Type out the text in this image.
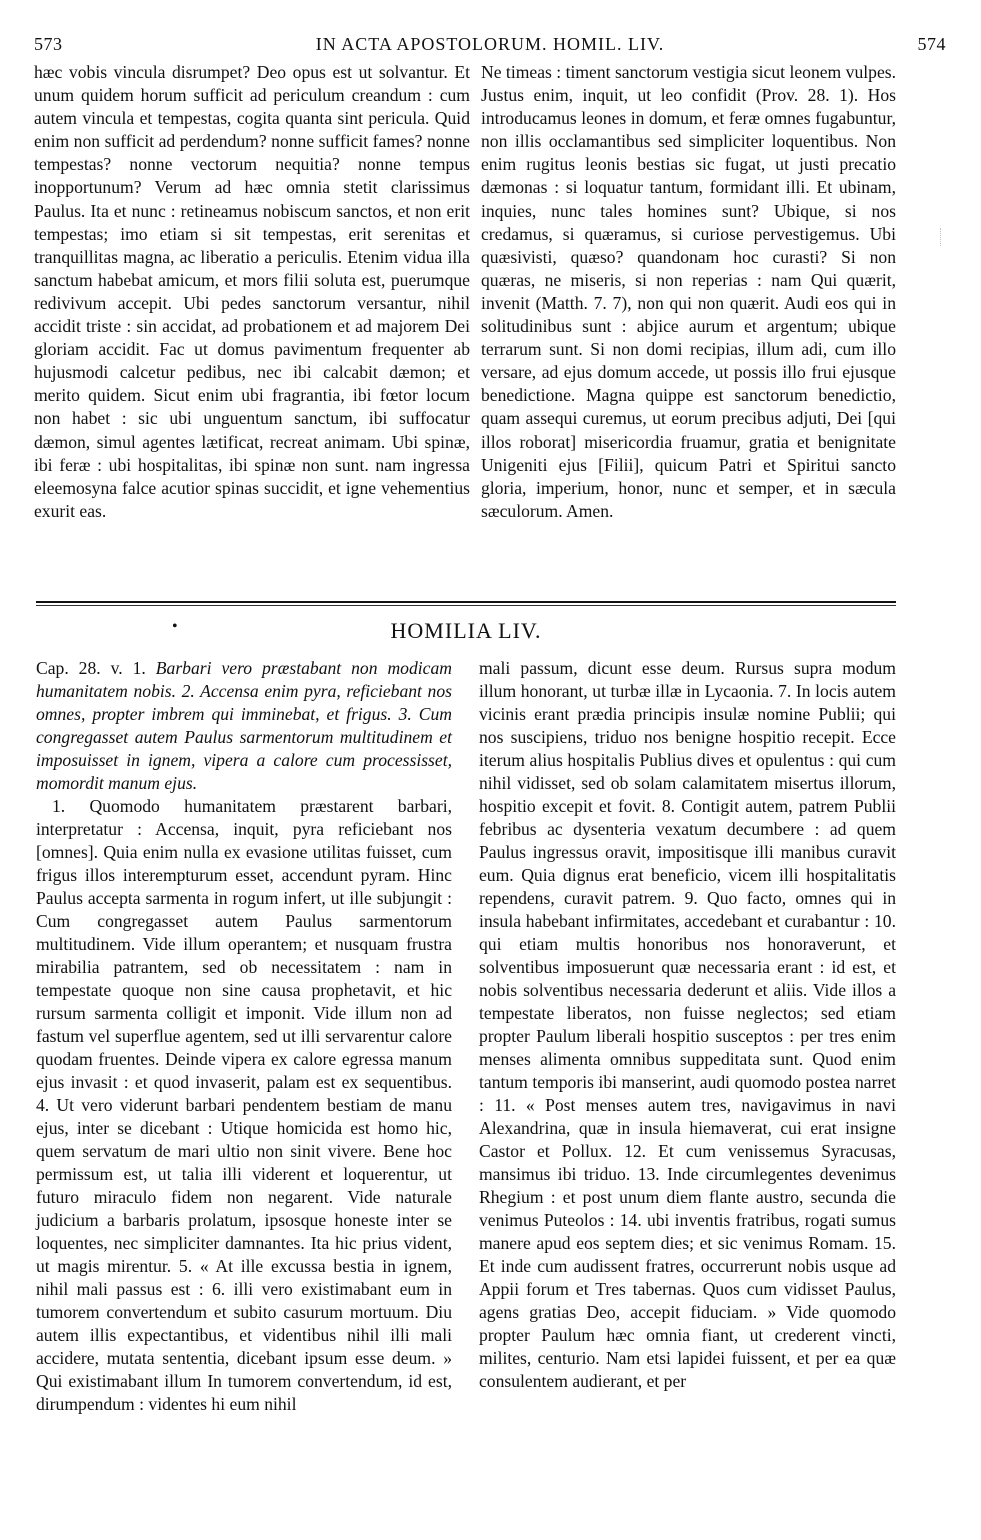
573	IN ACTA APOSTOLORUM. HOMIL. LIV.	574

hæc vobis vincula disrumpet? Deo opus est ut solvantur. Et unum quidem horum sufficit ad periculum creandum : cum autem vincula et tempestas, cogita quanta sint pericula. Quid enim non sufficit ad perdendum? nonne sufficit fames? nonne tempestas? nonne vectorum nequitia? nonne tempus inopportunum? Verum ad hæc omnia stetit clarissimus Paulus. Ita et nunc : retineamus nobiscum sanctos, et non erit tempestas; imo etiam si sit tempestas, erit serenitas et tranquillitas magna, ac liberatio a periculis. Etenim vidua illa sanctum habebat amicum, et mors filii soluta est, puerumque redivivum accepit. Ubi pedes sanctorum versantur, nihil accidit triste : sin accidat, ad probationem et ad majorem Dei gloriam accidit. Fac ut domus pavimentum frequenter ab hujusmodi calcetur pedibus, nec ibi calcabit dæmon; et merito quidem. Sicut enim ubi fragrantia, ibi fœtor locum non habet : sic ubi unguentum sanctum, ibi suffocatur dæmon, simul agentes lætificat, recreat animam. Ubi spinæ, ibi feræ : ubi hospitalitas, ibi spinæ non sunt. nam ingressa eleemosyna falce acutior spinas succidit, et igne vehementius exurit eas.

Ne timeas : timent sanctorum vestigia sicut leonem vulpes. Justus enim, inquit, ut leo confidit (Prov. 28. 1). Hos introducamus leones in domum, et feræ omnes fugabuntur, non illis occlamantibus sed simpliciter loquentibus. Non enim rugitus leonis bestias sic fugat, ut justi precatio dæmonas : si loquatur tantum, formidant illi. Et ubinam, inquies, nunc tales homines sunt? Ubique, si nos credamus, si quæramus, si curiose pervestigemus. Ubi quæsivisti, quæso? quandonam hoc curasti? Si non quæras, ne miseris, si non reperias : nam Qui quærit, invenit (Matth. 7. 7), non qui non quærit. Audi eos qui in solitudinibus sunt : abjice aurum et argentum; ubique terrarum sunt. Si non domi recipias, illum adi, cum illo versare, ad ejus domum accede, ut possis illo frui ejusque benedictione. Magna quippe est sanctorum benedictio, quam assequi curemus, ut eorum precibus adjuti, Dei [qui illos roborat] misericordia fruamur, gratia et benignitate Unigeniti ejus [Filii], quicum Patri et Spiritui sancto gloria, imperium, honor, nunc et semper, et in sæcula sæculorum. Amen.

•	HOMILIA LIV.

Cap. 28. v. 1. Barbari vero præstabant non modicam humanitatem nobis. 2. Accensa enim pyra, reficiebant nos omnes, propter imbrem qui imminebat, et frigus. 3. Cum congregasset autem Paulus sarmentorum multitudinem et imposuisset in ignem, vipera a calore cum processisset, momordit manum ejus.

1. Quomodo humanitatem præstarent barbari, interpretatur : Accensa, inquit, pyra reficiebant nos [omnes]. Quia enim nulla ex evasione utilitas fuisset, cum frigus illos interempturum esset, accendunt pyram. Hinc Paulus accepta sarmenta in rogum infert, ut ille subjungit : Cum congregasset autem Paulus sarmentorum multitudinem. Vide illum operantem; et nusquam frustra mirabilia patrantem, sed ob necessitatem : nam in tempestate quoque non sine causa prophetavit, et hic rursum sarmenta colligit et imponit. Vide illum non ad fastum vel superflue agentem, sed ut illi servarentur calore quodam fruentes. Deinde vipera ex calore egressa manum ejus invasit : et quod invaserit, palam est ex sequentibus. 4. Ut vero viderunt barbari pendentem bestiam de manu ejus, inter se dicebant : Utique homicida est homo hic, quem servatum de mari ultio non sinit vivere. Bene hoc permissum est, ut talia illi viderent et loquerentur, ut futuro miraculo fidem non negarent. Vide naturale judicium a barbaris prolatum, ipsosque honeste inter se loquentes, nec simpliciter damnantes. Ita hic prius vident, ut magis mirentur. 5. « At ille excussa bestia in ignem, nihil mali passus est : 6. illi vero existimabant eum in tumorem convertendum et subito casurum mortuum. Diu autem illis expectantibus, et videntibus nihil illi mali accidere, mutata sententia, dicebant ipsum esse deum. » Qui existimabant illum In tumorem convertendum, id est, dirumpendum : videntes hi eum nihil

mali passum, dicunt esse deum. Rursus supra modum illum honorant, ut turbæ illæ in Lycaonia. 7. In locis autem vicinis erant prædia principis insulæ nomine Publii; qui nos suscipiens, triduo nos benigne hospitio recepit. Ecce iterum alius hospitalis Publius dives et opulentus : qui cum nihil vidisset, sed ob solam calamitatem misertus illorum, hospitio excepit et fovit. 8. Contigit autem, patrem Publii febribus ac dysenteria vexatum decumbere : ad quem Paulus ingressus oravit, impositisque illi manibus curavit eum. Quia dignus erat beneficio, vicem illi hospitalitatis rependens, curavit patrem. 9. Quo facto, omnes qui in insula habebant infirmitates, accedebant et curabantur : 10. qui etiam multis honoribus nos honoraverunt, et solventibus imposuerunt quæ necessaria erant : id est, et nobis solventibus necessaria dederunt et aliis. Vide illos a tempestate liberatos, non fuisse neglectos; sed etiam propter Paulum liberali hospitio susceptos : per tres enim menses alimenta omnibus suppeditata sunt. Quod enim tantum temporis ibi manserint, audi quomodo postea narret : 11. « Post menses autem tres, navigavimus in navi Alexandrina, quæ in insula hiemaverat, cui erat insigne Castor et Pollux. 12. Et cum venissemus Syracusas, mansimus ibi triduo. 13. Inde circumlegentes devenimus Rhegium : et post unum diem flante austro, secunda die venimus Puteolos : 14. ubi inventis fratribus, rogati sumus manere apud eos septem dies; et sic venimus Romam. 15. Et inde cum audissent fratres, occurrerunt nobis usque ad Appii forum et Tres tabernas. Quos cum vidisset Paulus, agens gratias Deo, accepit fiduciam. » Vide quomodo propter Paulum hæc omnia fiant, ut crederent vincti, milites, centurio. Nam etsi lapidei fuissent, et per ea quæ consulentem audierant, et per
